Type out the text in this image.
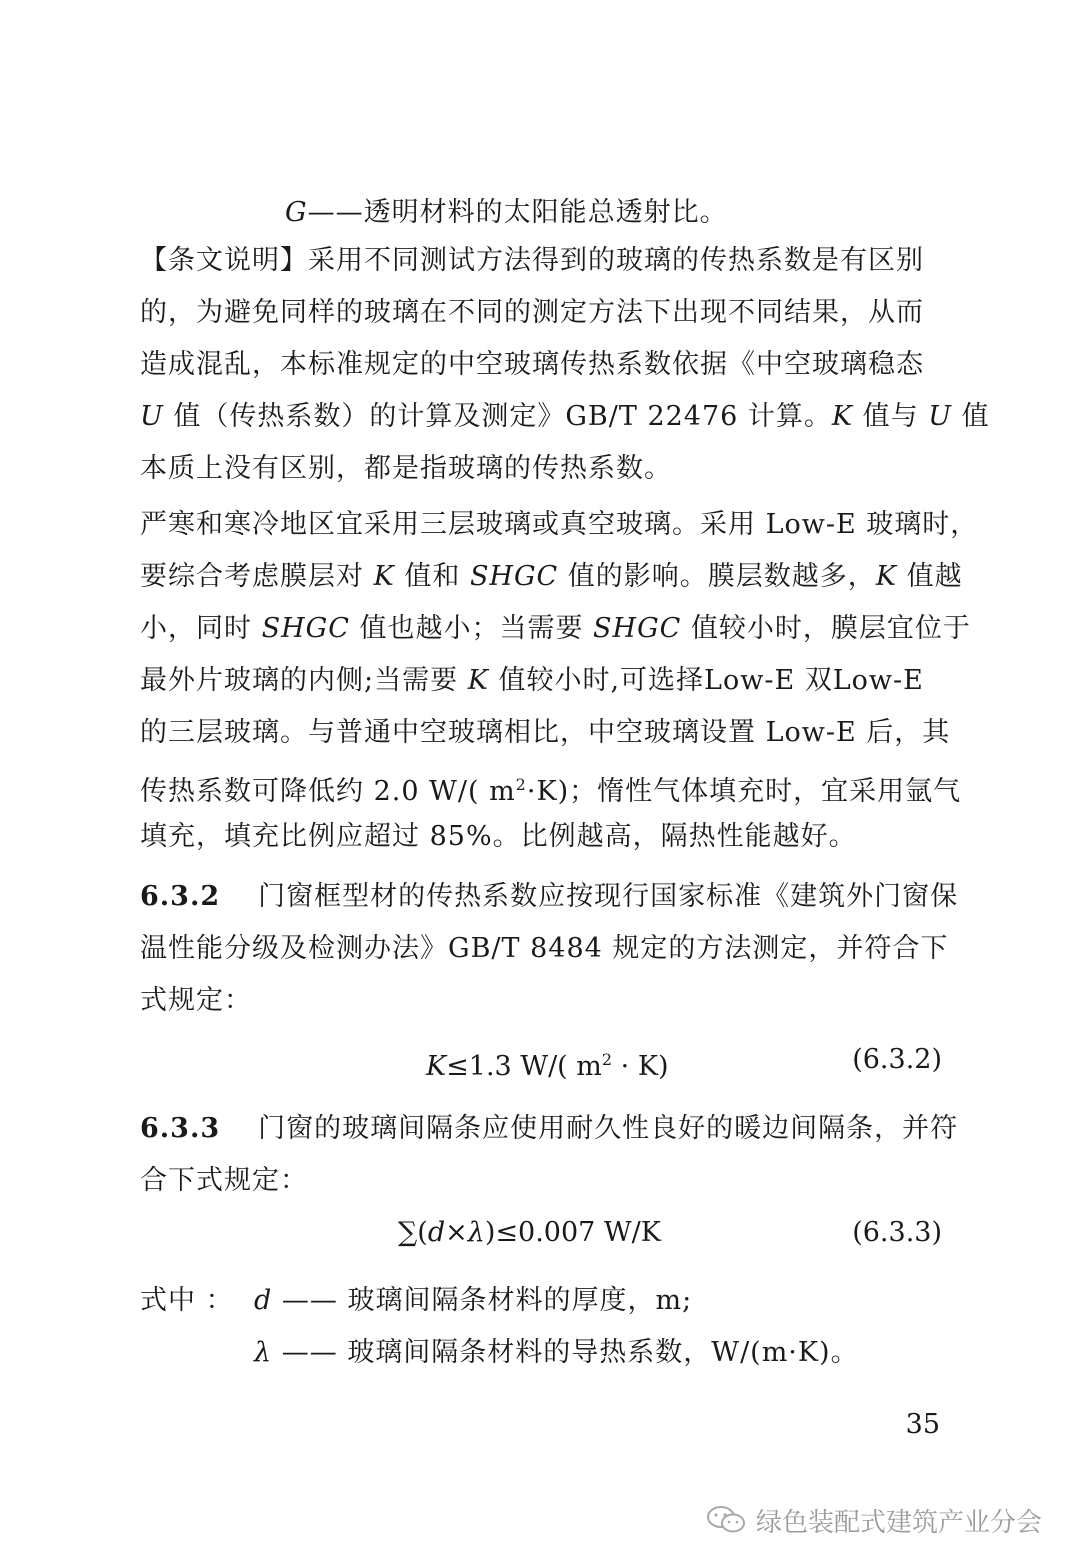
G——透明材料的太阳能总透射比。
【条文说明】采用不同测试方法得到的玻璃的传热系数是有区别
的，为避免同样的玻璃在不同的测定方法下出现不同结果，从而
造成混乱，本标准规定的中空玻璃传热系数依据《中空玻璃稳态
U 值（传热系数）的计算及测定》GB/T 22476 计算。K 值与 U 值
本质上没有区别，都是指玻璃的传热系数。
严寒和寒冷地区宜采用三层玻璃或真空玻璃。采用 Low-E 玻璃时，
要综合考虑膜层对 K 值和 SHGC 值的影响。膜层数越多，K 值越
小，同时 SHGC 值也越小；当需要 SHGC 值较小时，膜层宜位于
最外片玻璃的内侧;当需要 K 值较小时,可选择Low-E 双Low-E
的三层玻璃。与普通中空玻璃相比，中空玻璃设置 Low-E 后，其
传热系数可降低约 2.0 W/( $m^2\cdot K$)；惰性气体填充时，宜采用氩气
填充，填充比例应超过 85%。比例越高，隔热性能越好。
6.3.2 门窗框型材的传热系数应按现行国家标准《建筑外门窗保
温性能分级及检测办法》GB/T 8484 规定的方法测定，并符合下
式规定：
K≤1.3 W/( $m^2 \cdot K$)	(6.3.2)
6.3.3 门窗的玻璃间隔条应使用耐久性良好的暖边间隔条，并符
合下式规定：
∑(d×λ)≤0.007 W/K	(6.3.3)
式中 ： d —— 玻璃间隔条材料的厚度，m;
λ —— 玻璃间隔条材料的导热系数，W/(m·K)。
35
绿色装配式建筑产业分会
